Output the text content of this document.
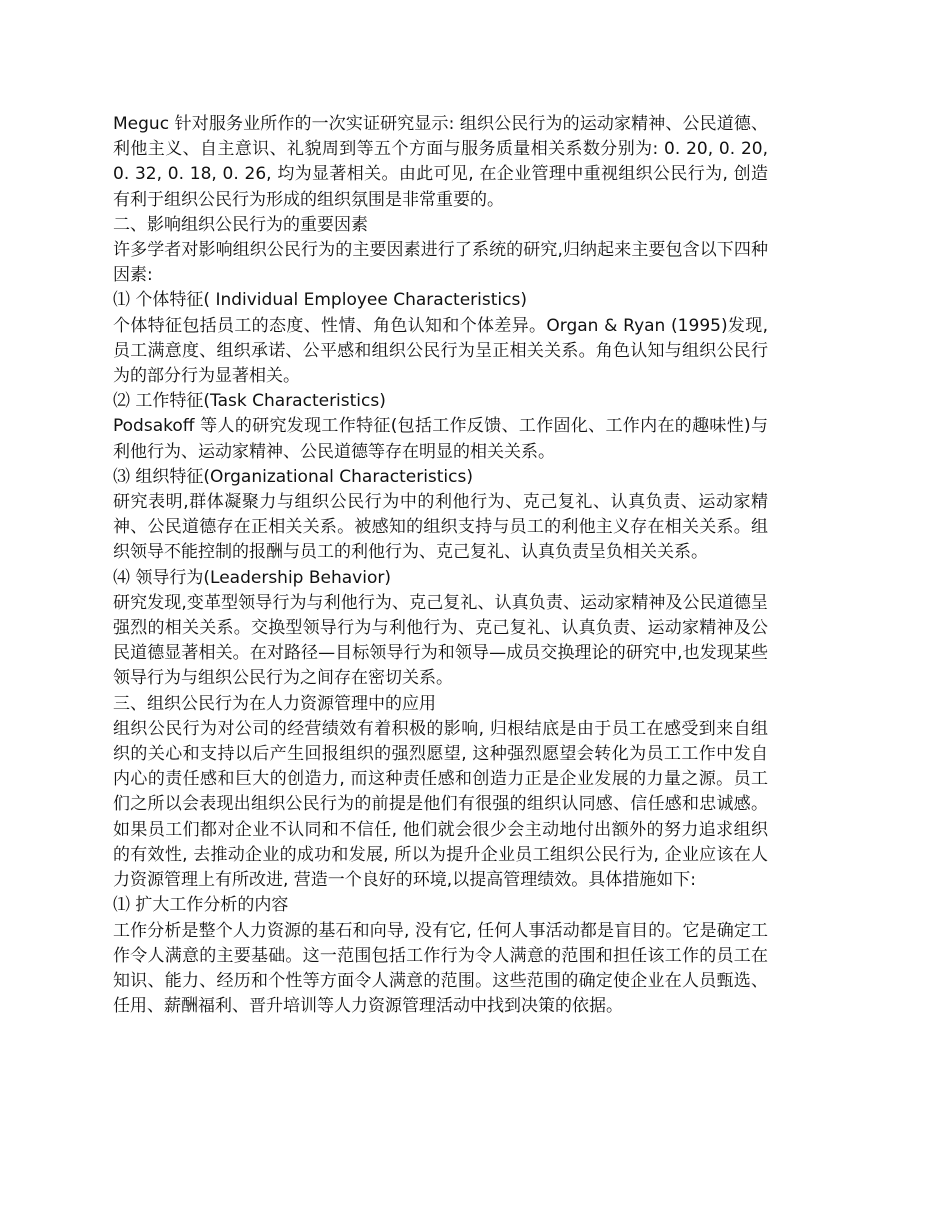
Meguc 针对服务业所作的一次实证研究显示: 组织公民行为的运动家精神、公民道德、利他主义、自主意识、礼貌周到等五个方面与服务质量相关系数分别为: 0. 20, 0. 20, 0. 32, 0. 18, 0. 26, 均为显著相关。由此可见, 在企业管理中重视组织公民行为, 创造有利于组织公民行为形成的组织氛围是非常重要的。

二、影响组织公民行为的重要因素

许多学者对影响组织公民行为的主要因素进行了系统的研究,归纳起来主要包含以下四种因素:

⑴ 个体特征( Individual Employee Characteristics)

个体特征包括员工的态度、性情、角色认知和个体差异。Organ & Ryan (1995)发现,员工满意度、组织承诺、公平感和组织公民行为呈正相关关系。角色认知与组织公民行为的部分行为显著相关。

⑵ 工作特征(Task Characteristics)

Podsakoff 等人的研究发现工作特征(包括工作反馈、工作固化、工作内在的趣味性)与利他行为、运动家精神、公民道德等存在明显的相关关系。

⑶ 组织特征(Organizational Characteristics)

研究表明,群体凝聚力与组织公民行为中的利他行为、克己复礼、认真负责、运动家精神、公民道德存在正相关关系。被感知的组织支持与员工的利他主义存在相关关系。组织领导不能控制的报酬与员工的利他行为、克己复礼、认真负责呈负相关关系。

⑷ 领导行为(Leadership Behavior)

研究发现,变革型领导行为与利他行为、克己复礼、认真负责、运动家精神及公民道德呈强烈的相关关系。交换型领导行为与利他行为、克己复礼、认真负责、运动家精神及公民道德显著相关。在对路径—目标领导行为和领导—成员交换理论的研究中,也发现某些领导行为与组织公民行为之间存在密切关系。

三、组织公民行为在人力资源管理中的应用

组织公民行为对公司的经营绩效有着积极的影响, 归根结底是由于员工在感受到来自组织的关心和支持以后产生回报组织的强烈愿望, 这种强烈愿望会转化为员工工作中发自内心的责任感和巨大的创造力, 而这种责任感和创造力正是企业发展的力量之源。员工们之所以会表现出组织公民行为的前提是他们有很强的组织认同感、信任感和忠诚感。如果员工们都对企业不认同和不信任, 他们就会很少会主动地付出额外的努力追求组织的有效性, 去推动企业的成功和发展, 所以为提升企业员工组织公民行为, 企业应该在人力资源管理上有所改进, 营造一个良好的环境,以提高管理绩效。具体措施如下:

⑴ 扩大工作分析的内容

工作分析是整个人力资源的基石和向导, 没有它, 任何人事活动都是盲目的。它是确定工作令人满意的主要基础。这一范围包括工作行为令人满意的范围和担任该工作的员工在知识、能力、经历和个性等方面令人满意的范围。这些范围的确定使企业在人员甄选、任用、薪酬福利、晋升培训等人力资源管理活动中找到决策的依据。
